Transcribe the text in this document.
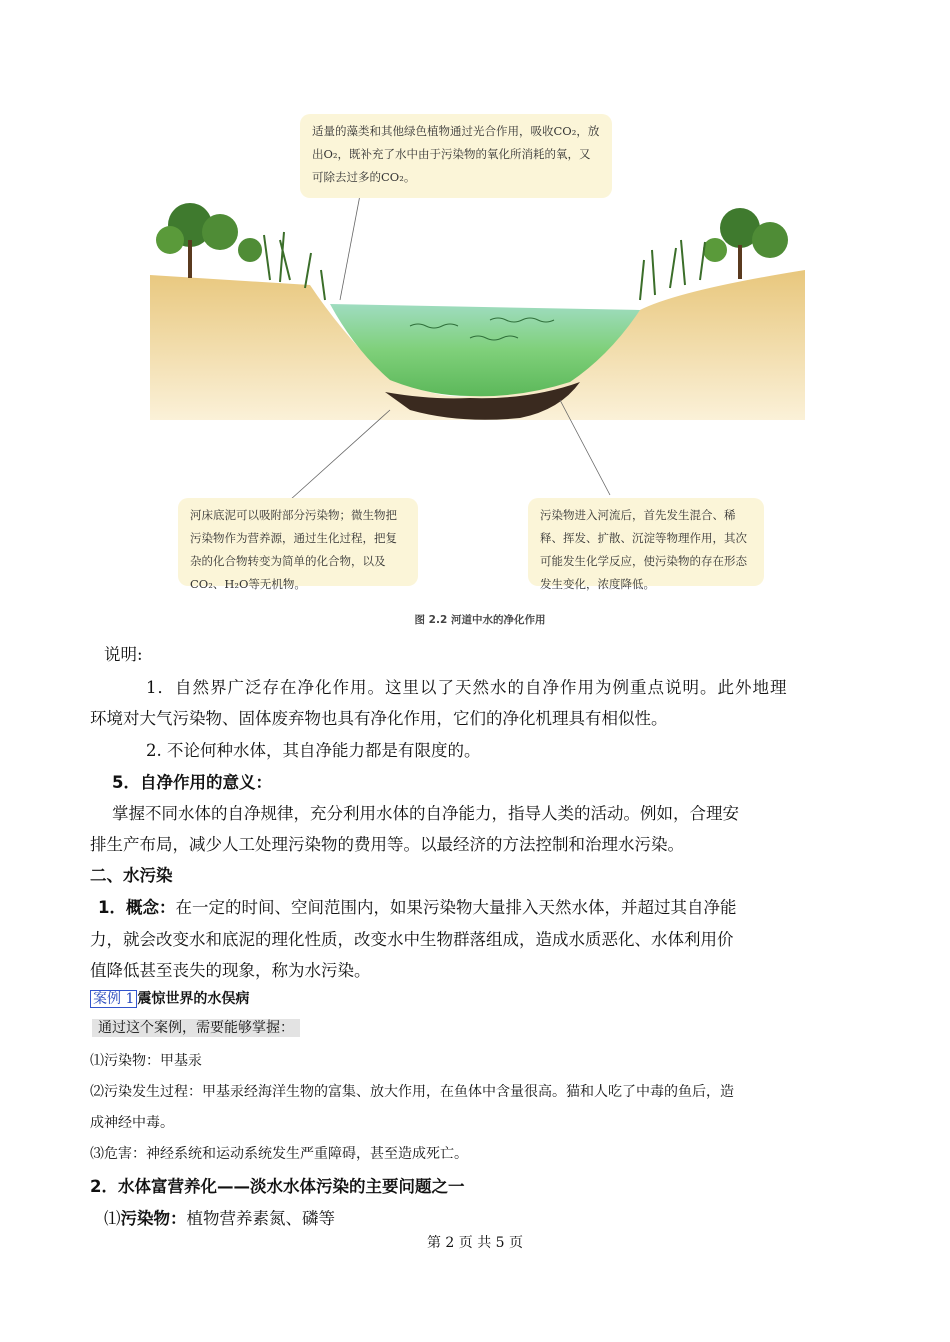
适量的藻类和其他绿色植物通过光合作用，吸收CO₂，放出O₂，既补充了水中由于污染物的氧化所消耗的氧，又可除去过多的CO₂。
河床底泥可以吸附部分污染物；微生物把污染物作为营养源，通过生化过程，把复杂的化合物转变为简单的化合物，以及CO₂、H₂O等无机物。
污染物进入河流后，首先发生混合、稀释、挥发、扩散、沉淀等物理作用，其次可能发生化学反应，使污染物的存在形态发生变化，浓度降低。
图 2.2 河道中水的净化作用
说明:
1．自然界广泛存在净化作用。这里以了天然水的自净作用为例重点说明。此外地理
环境对大气污染物、固体废弃物也具有净化作用，它们的净化机理具有相似性。
2. 不论何种水体，其自净能力都是有限度的。
5．自净作用的意义：
掌握不同水体的自净规律，充分利用水体的自净能力，指导人类的活动。例如，合理安
排生产布局，减少人工处理污染物的费用等。以最经济的方法控制和治理水污染。
二、水污染
1．概念：在一定的时间、空间范围内，如果污染物大量排入天然水体，并超过其自净能
力，就会改变水和底泥的理化性质，改变水中生物群落组成，造成水质恶化、水体利用价
值降低甚至丧失的现象，称为水污染。
案例 1 震惊世界的水俣病
通过这个案例，需要能够掌握：
⑴污染物：甲基汞
⑵污染发生过程：甲基汞经海洋生物的富集、放大作用，在鱼体中含量很高。猫和人吃了中毒的鱼后，造
成神经中毒。
⑶危害：神经系统和运动系统发生严重障碍，甚至造成死亡。
2．水体富营养化——淡水水体污染的主要问题之一
⑴污染物：植物营养素氮、磷等
第 2 页 共 5 页
